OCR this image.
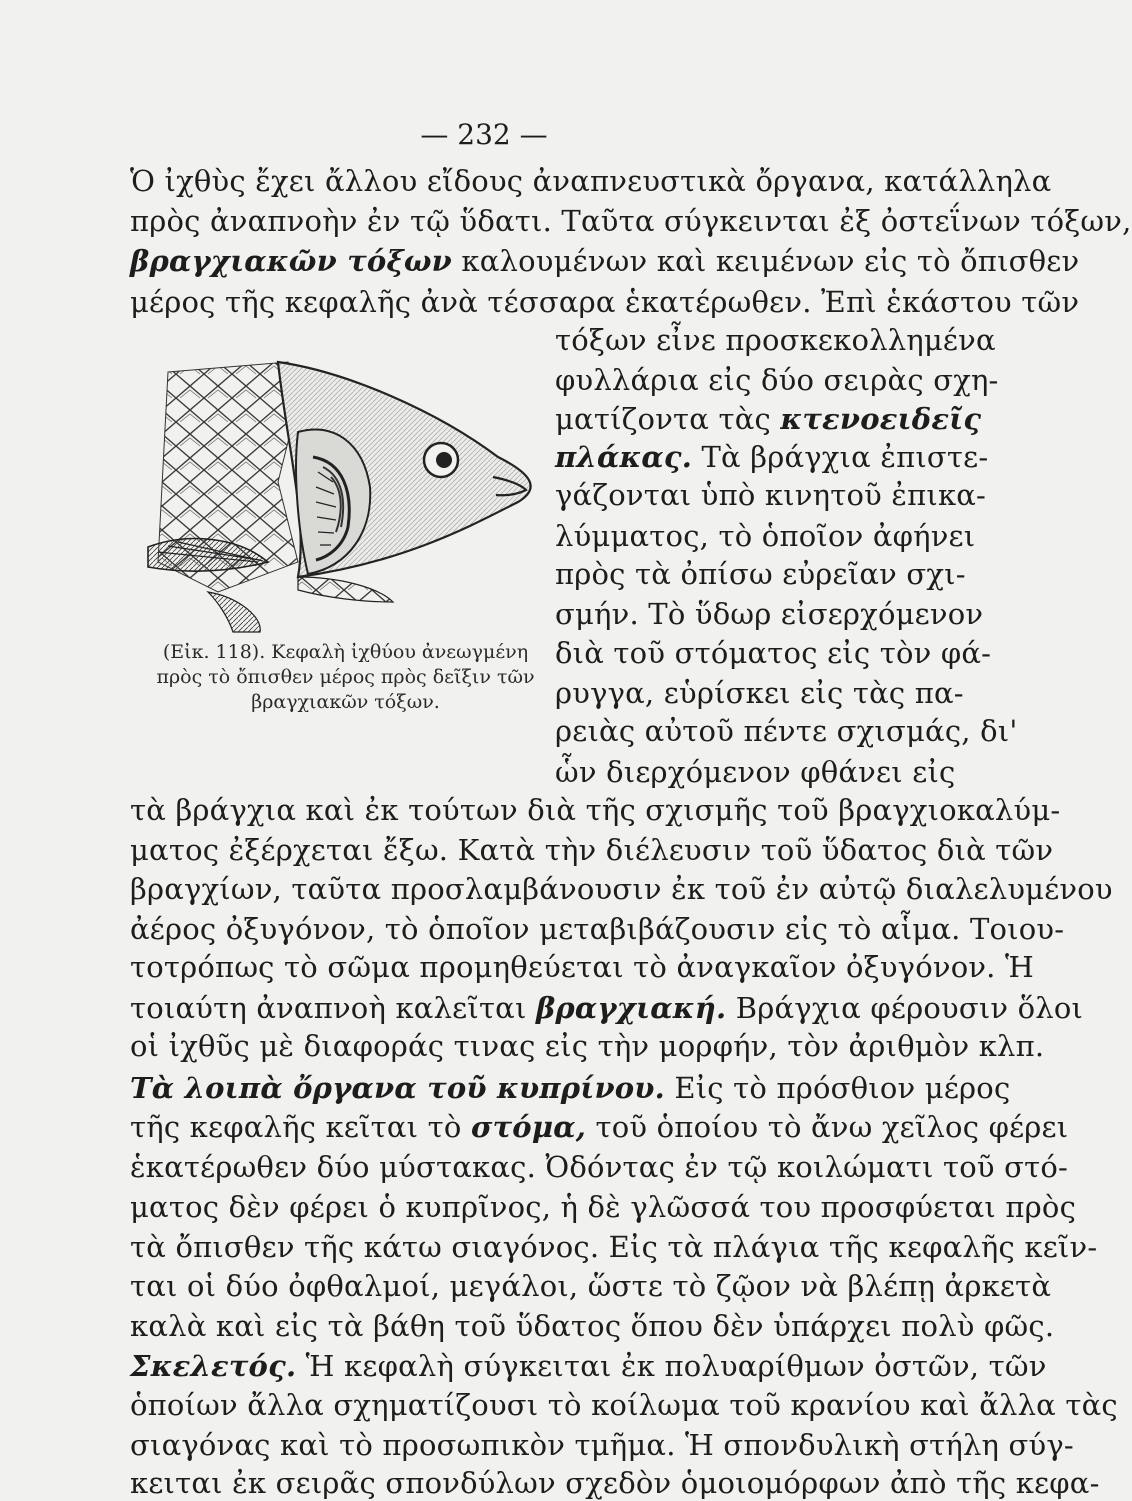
— 232 —
(Εἰκ. 118). Κεφαλὴ ἰχθύου ἀνεωγμένη πρὸς τὸ ὄπισθεν μέρος πρὸς δεῖξιν τῶν βραγχιακῶν τόξων.
Ὁ ἰχθὺς ἔχει ἄλλου εἴδους ἀναπνευστικὰ ὄργανα, κατάλληλα
πρὸς ἀναπνοὴν ἐν τῷ ὕδατι. Ταῦτα σύγκεινται ἐξ ὀστεΐνων τόξων,
βραγχιακῶν τόξων καλουμένων καὶ κειμένων εἰς τὸ ὄπισθεν
μέρος τῆς κεφαλῆς ἀνὰ τέσσαρα ἑκατέρωθεν. Ἐπὶ ἑκάστου τῶν
τόξων εἶνε προσκεκολλημένα
φυλλάρια εἰς δύο σειρὰς σχη-
ματίζοντα τὰς κτενοειδεῖς
πλάκας. Τὰ βράγχια ἐπιστε-
γάζονται ὑπὸ κινητοῦ ἐπικα-
λύμματος, τὸ ὁποῖον ἀφήνει
πρὸς τὰ ὀπίσω εὐρεῖαν σχι-
σμήν. Τὸ ὕδωρ εἰσερχόμενον
διὰ τοῦ στόματος εἰς τὸν φά-
ρυγγα, εὑρίσκει εἰς τὰς πα-
ρειὰς αὐτοῦ πέντε σχισμάς, δι'
ὧν διερχόμενον φθάνει εἰς
τὰ βράγχια καὶ ἐκ τούτων διὰ τῆς σχισμῆς τοῦ βραγχιοκαλύμ-
ματος ἐξέρχεται ἔξω. Κατὰ τὴν διέλευσιν τοῦ ὕδατος διὰ τῶν
βραγχίων, ταῦτα προσλαμβάνουσιν ἐκ τοῦ ἐν αὐτῷ διαλελυμένου
ἀέρος ὀξυγόνον, τὸ ὁποῖον μεταβιβάζουσιν εἰς τὸ αἷμα. Τοιου-
τοτρόπως τὸ σῶμα προμηθεύεται τὸ ἀναγκαῖον ὀξυγόνον. Ἡ
τοιαύτη ἀναπνοὴ καλεῖται βραγχιακή. Βράγχια φέρουσιν ὅλοι
οἱ ἰχθῦς μὲ διαφοράς τινας εἰς τὴν μορφήν, τὸν ἀριθμὸν κλπ.
Τὰ λοιπὰ ὄργανα τοῦ κυπρίνου. Εἰς τὸ πρόσθιον μέρος
τῆς κεφαλῆς κεῖται τὸ στόμα, τοῦ ὁποίου τὸ ἄνω χεῖλος φέρει
ἑκατέρωθεν δύο μύστακας. Ὀδόντας ἐν τῷ κοιλώματι τοῦ στό-
ματος δὲν φέρει ὁ κυπρῖνος, ἡ δὲ γλῶσσά του προσφύεται πρὸς
τὰ ὄπισθεν τῆς κάτω σιαγόνος. Εἰς τὰ πλάγια τῆς κεφαλῆς κεῖν-
ται οἱ δύο ὀφθαλμοί, μεγάλοι, ὥστε τὸ ζῷον νὰ βλέπῃ ἀρκετὰ
καλὰ καὶ εἰς τὰ βάθη τοῦ ὕδατος ὅπου δὲν ὑπάρχει πολὺ φῶς.
Σκελετός. Ἡ κεφαλὴ σύγκειται ἐκ πολυαρίθμων ὀστῶν, τῶν
ὁποίων ἄλλα σχηματίζουσι τὸ κοίλωμα τοῦ κρανίου καὶ ἄλλα τὰς
σιαγόνας καὶ τὸ προσωπικὸν τμῆμα. Ἡ σπονδυλικὴ στήλη σύγ-
κειται ἐκ σειρᾶς σπονδύλων σχεδὸν ὁμοιομόρφων ἀπὸ τῆς κεφα-
